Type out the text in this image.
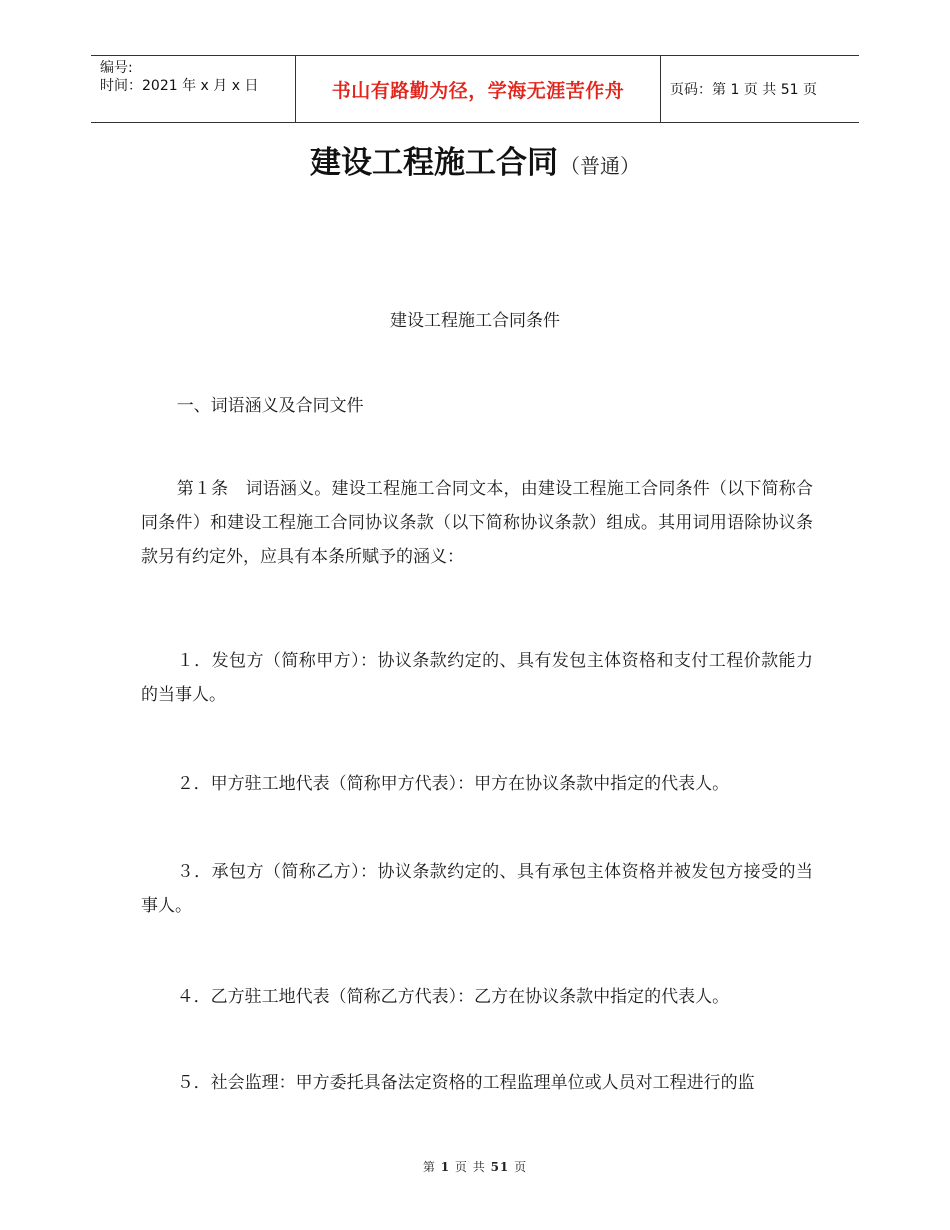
编号:
时间：2021 年 x 月 x 日	书山有路勤为径，学海无涯苦作舟	页码：第 1 页 共 51 页
建设工程施工合同 （普通）
建设工程施工合同条件
一、词语涵义及合同文件
第１条　词语涵义。建设工程施工合同文本，由建设工程施工合同条件（以下简称合同条件）和建设工程施工合同协议条款（以下简称协议条款）组成。其用词用语除协议条款另有约定外，应具有本条所赋予的涵义：
１．发包方（简称甲方）：协议条款约定的、具有发包主体资格和支付工程价款能力的当事人。
２．甲方驻工地代表（简称甲方代表）：甲方在协议条款中指定的代表人。
３．承包方（简称乙方）：协议条款约定的、具有承包主体资格并被发包方接受的当事人。
４．乙方驻工地代表（简称乙方代表）：乙方在协议条款中指定的代表人。
５．社会监理：甲方委托具备法定资格的工程监理单位或人员对工程进行的监
第 1 页 共 51 页
